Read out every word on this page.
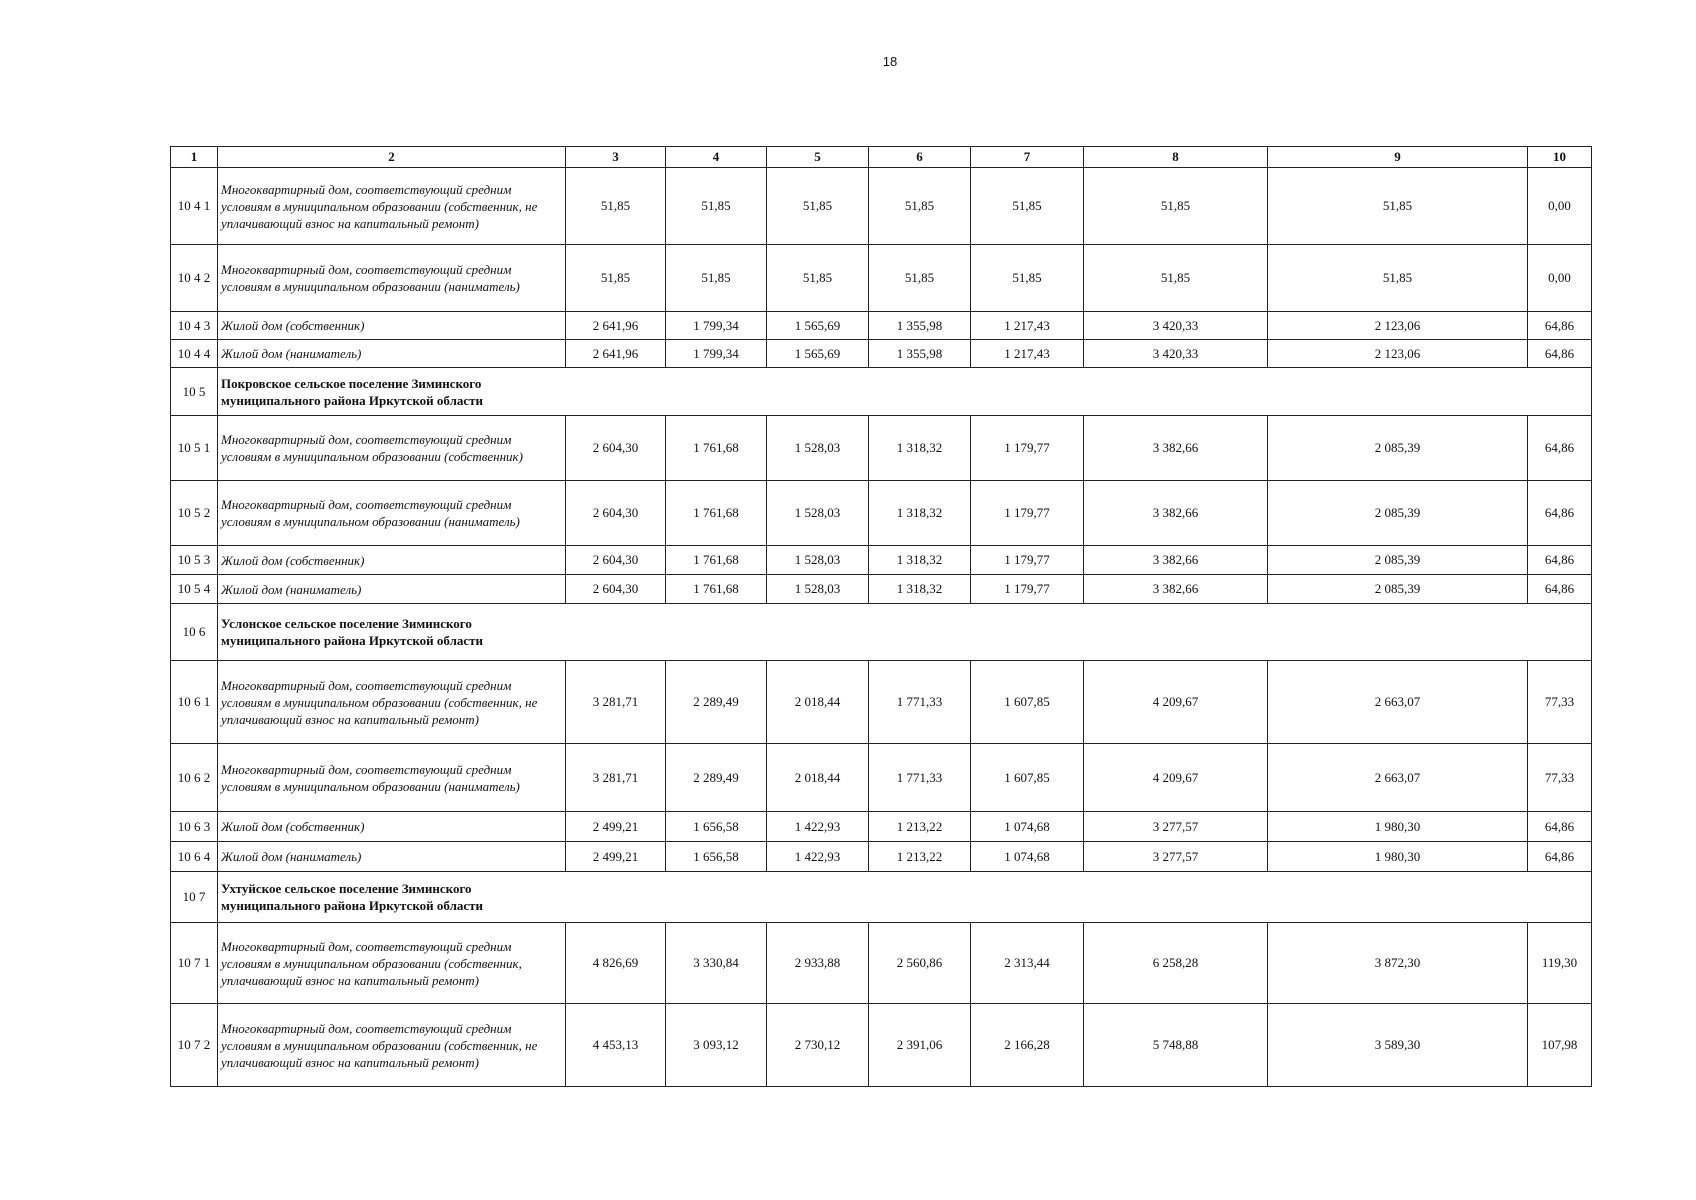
18
1	2	3	4	5	6	7	8	9	10
10 4 1	Многоквартирный дом, соответствующий средним условиям в муниципальном образовании (собственник, не уплачивающий взнос на капитальный ремонт)	51,85	51,85	51,85	51,85	51,85	51,85	51,85	0,00
10 4 2	Многоквартирный дом, соответствующий средним условиям в муниципальном образовании (наниматель)	51,85	51,85	51,85	51,85	51,85	51,85	51,85	0,00
10 4 3	Жилой дом (собственник)	2 641,96	1 799,34	1 565,69	1 355,98	1 217,43	3 420,33	2 123,06	64,86
10 4 4	Жилой дом (наниматель)	2 641,96	1 799,34	1 565,69	1 355,98	1 217,43	3 420,33	2 123,06	64,86
10 5	Покровское сельское поселение Зиминского муниципального района Иркутской области								

10 5 1	Многоквартирный дом, соответствующий средним условиям в муниципальном образовании (собственник)	2 604,30	1 761,68	1 528,03	1 318,32	1 179,77	3 382,66	2 085,39	64,86
10 5 2	Многоквартирный дом, соответствующий средним условиям в муниципальном образовании (наниматель)	2 604,30	1 761,68	1 528,03	1 318,32	1 179,77	3 382,66	2 085,39	64,86
10 5 3	Жилой дом (собственник)	2 604,30	1 761,68	1 528,03	1 318,32	1 179,77	3 382,66	2 085,39	64,86
10 5 4	Жилой дом (наниматель)	2 604,30	1 761,68	1 528,03	1 318,32	1 179,77	3 382,66	2 085,39	64,86
10 6	Услонское сельское поселение Зиминского муниципального района Иркутской области								

10 6 1	Многоквартирный дом, соответствующий средним условиям в муниципальном образовании (собственник, не уплачивающий взнос на капитальный ремонт)	3 281,71	2 289,49	2 018,44	1 771,33	1 607,85	4 209,67	2 663,07	77,33
10 6 2	Многоквартирный дом, соответствующий средним условиям в муниципальном образовании (наниматель)	3 281,71	2 289,49	2 018,44	1 771,33	1 607,85	4 209,67	2 663,07	77,33
10 6 3	Жилой дом (собственник)	2 499,21	1 656,58	1 422,93	1 213,22	1 074,68	3 277,57	1 980,30	64,86
10 6 4	Жилой дом (наниматель)	2 499,21	1 656,58	1 422,93	1 213,22	1 074,68	3 277,57	1 980,30	64,86
10 7	Ухтуйское сельское поселение Зиминского муниципального района Иркутской области								

10 7 1	Многоквартирный дом, соответствующий средним условиям в муниципальном образовании (собственник, уплачивающий взнос на капитальный ремонт)	4 826,69	3 330,84	2 933,88	2 560,86	2 313,44	6 258,28	3 872,30	119,30
10 7 2	Многоквартирный дом, соответствующий средним условиям в муниципальном образовании (собственник, не уплачивающий взнос на капитальный ремонт)	4 453,13	3 093,12	2 730,12	2 391,06	2 166,28	5 748,88	3 589,30	107,98
